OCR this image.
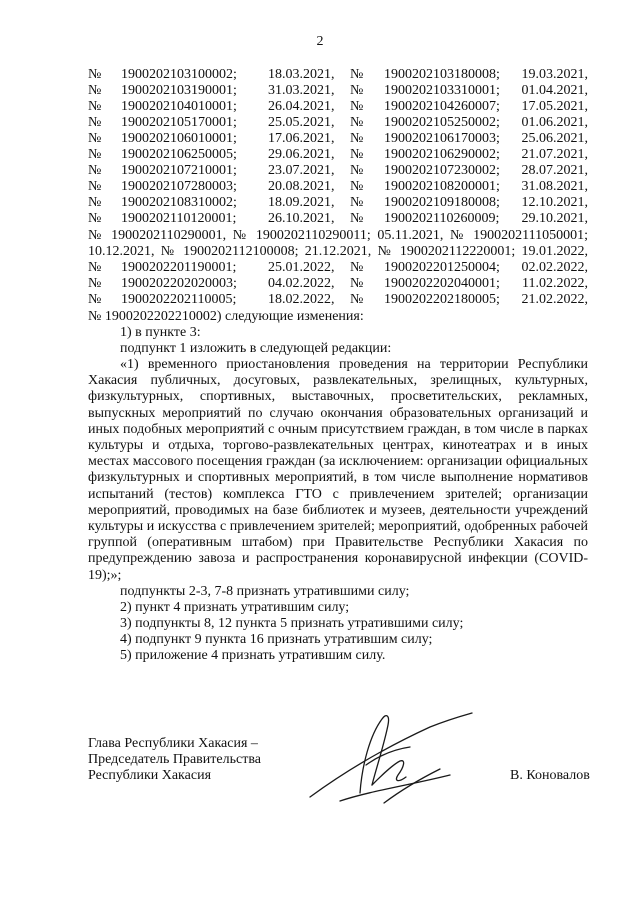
2
№ 1900202103100002; 18.03.2021, № 1900202103180008; 19.03.2021,
№ 1900202103190001; 31.03.2021, № 1900202103310001; 01.04.2021,
№ 1900202104010001; 26.04.2021, № 1900202104260007; 17.05.2021,
№ 1900202105170001; 25.05.2021, № 1900202105250002; 01.06.2021,
№ 1900202106010001; 17.06.2021, № 1900202106170003; 25.06.2021,
№ 1900202106250005; 29.06.2021, № 1900202106290002; 21.07.2021,
№ 1900202107210001; 23.07.2021, № 1900202107230002; 28.07.2021,
№ 1900202107280003; 20.08.2021, № 1900202108200001; 31.08.2021,
№ 1900202108310002; 18.09.2021, № 1900202109180008; 12.10.2021,
№ 1900202110120001; 26.10.2021, № 1900202110260009; 29.10.2021,
№ 1900202110290001, № 1900202110290011; 05.11.2021, № 1900202111050001;
10.12.2021, № 1900202112100008; 21.12.2021, № 1900202112220001; 19.01.2022,
№ 1900202201190001; 25.01.2022, № 1900202201250004; 02.02.2022,
№ 1900202202020003; 04.02.2022, № 1900202202040001; 11.02.2022,
№ 1900202202110005; 18.02.2022, № 1900202202180005; 21.02.2022,
№ 1900202202210002) следующие изменения:
1) в пункте 3:
подпункт 1 изложить в следующей редакции:
«1) временного приостановления проведения на территории Республики Хакасия публичных, досуговых, развлекательных, зрелищных, культурных, физкультурных, спортивных, выставочных, просветительских, рекламных, выпускных мероприятий по случаю окончания образовательных организаций и иных подобных мероприятий с очным присутствием граждан, в том числе в парках культуры и отдыха, торгово-развлекательных центрах, кинотеатрах и в иных местах массового посещения граждан (за исключением: организации официальных физкультурных и спортивных мероприятий, в том числе выполнение нормативов испытаний (тестов) комплекса ГТО с привлечением зрителей; организации мероприятий, проводимых на базе библиотек и музеев, деятельности учреждений культуры и искусства с привлечением зрителей; мероприятий, одобренных рабочей группой (оперативным штабом) при Правительстве Республики Хакасия по предупреждению завоза и распространения коронавирусной инфекции (COVID-19);»;
подпункты 2-3, 7-8 признать утратившими силу;
2) пункт 4 признать утратившим силу;
3) подпункты 8, 12 пункта 5 признать утратившими силу;
4) подпункт 9 пункта 16 признать утратившим силу;
5) приложение 4 признать утратившим силу.
Глава Республики Хакасия –
Председатель Правительства
Республики Хакасия	В. Коновалов
